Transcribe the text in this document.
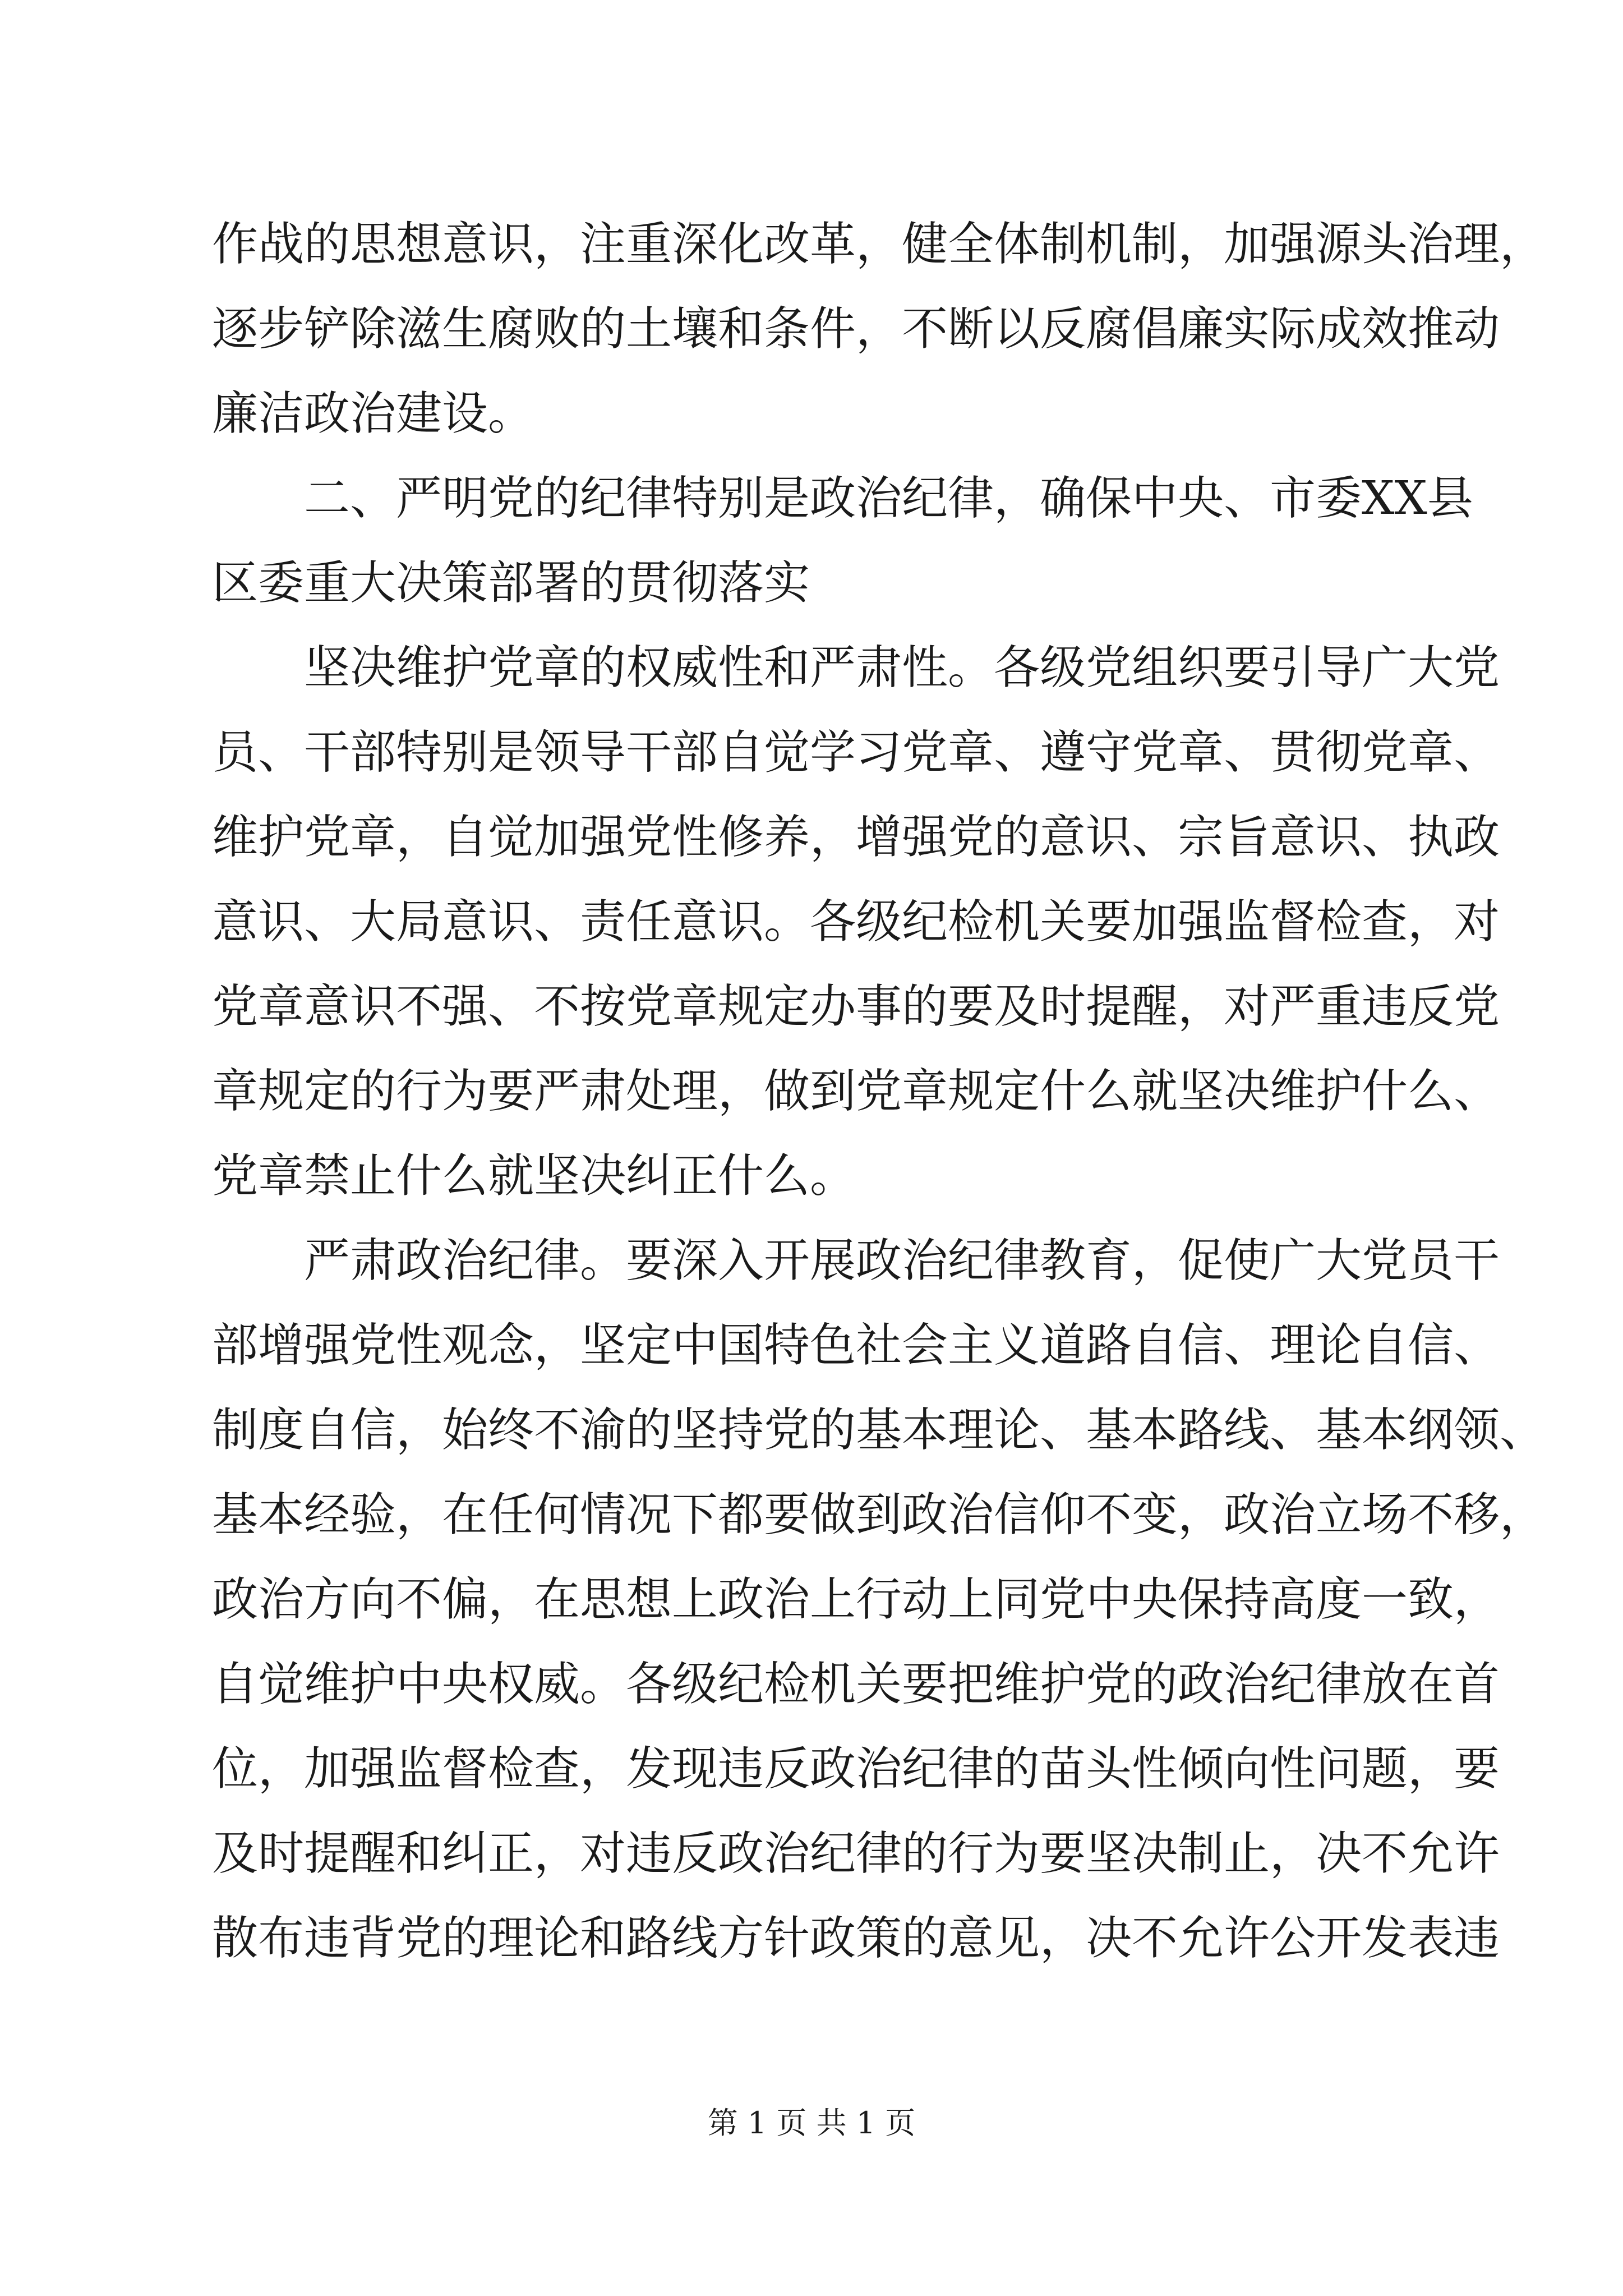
作战的思想意识，注重深化改革，健全体制机制，加强源头治理，
逐步铲除滋生腐败的土壤和条件，不断以反腐倡廉实际成效推动
廉洁政治建设。
　　二、严明党的纪律特别是政治纪律，确保中央、市委XX县
区委重大决策部署的贯彻落实
　　坚决维护党章的权威性和严肃性。各级党组织要引导广大党
员、干部特别是领导干部自觉学习党章、遵守党章、贯彻党章、
维护党章，自觉加强党性修养，增强党的意识、宗旨意识、执政
意识、大局意识、责任意识。各级纪检机关要加强监督检查，对
党章意识不强、不按党章规定办事的要及时提醒，对严重违反党
章规定的行为要严肃处理，做到党章规定什么就坚决维护什么、
党章禁止什么就坚决纠正什么。
　　严肃政治纪律。要深入开展政治纪律教育，促使广大党员干
部增强党性观念，坚定中国特色社会主义道路自信、理论自信、
制度自信，始终不渝的坚持党的基本理论、基本路线、基本纲领、
基本经验，在任何情况下都要做到政治信仰不变，政治立场不移，
政治方向不偏，在思想上政治上行动上同党中央保持高度一致，
自觉维护中央权威。各级纪检机关要把维护党的政治纪律放在首
位，加强监督检查，发现违反政治纪律的苗头性倾向性问题，要
及时提醒和纠正，对违反政治纪律的行为要坚决制止，决不允许
散布违背党的理论和路线方针政策的意见，决不允许公开发表违
第 1 页 共 1 页
